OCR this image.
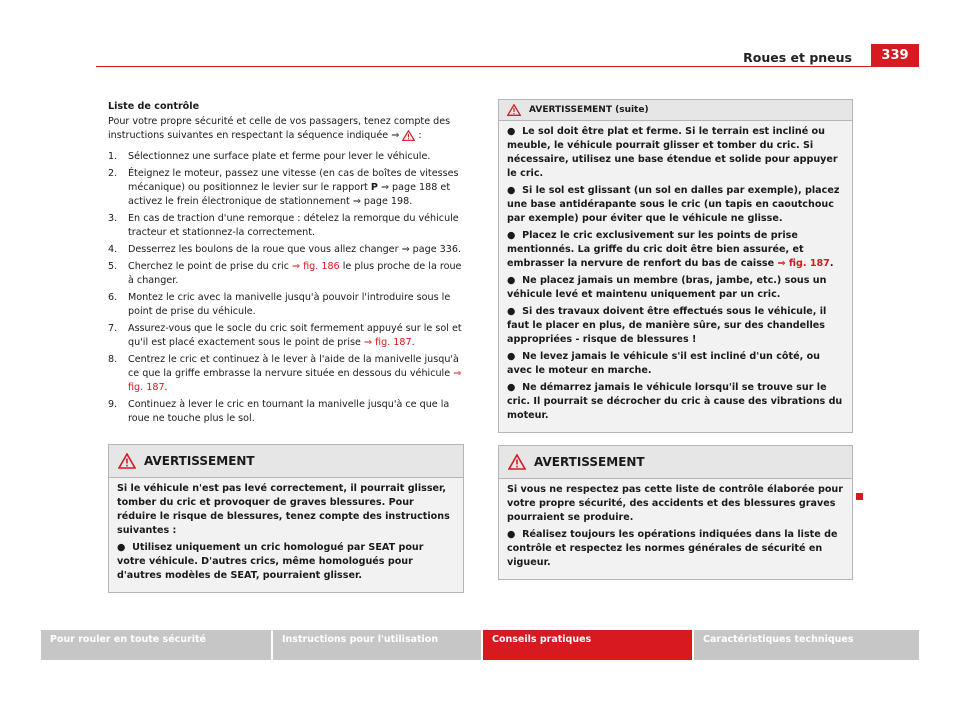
Roues et pneus	339
Liste de contrôle
Pour votre propre sécurité et celle de vos passagers, tenez compte des instructions suivantes en respectant la séquence indiquée ⇒ :
1. Sélectionnez une surface plate et ferme pour lever le véhicule.
2. Éteignez le moteur, passez une vitesse (en cas de boîtes de vitesses mécanique) ou positionnez le levier sur le rapport P ⇒ page 188 et activez le frein électronique de stationnement ⇒ page 198.
3. En cas de traction d'une remorque : dételez la remorque du véhicule tracteur et stationnez-la correctement.
4. Desserrez les boulons de la roue que vous allez changer ⇒ page 336.
5. Cherchez le point de prise du cric ⇒ fig. 186 le plus proche de la roue à changer.
6. Montez le cric avec la manivelle jusqu'à pouvoir l'introduire sous le point de prise du véhicule.
7. Assurez-vous que le socle du cric soit fermement appuyé sur le sol et qu'il est placé exactement sous le point de prise ⇒ fig. 187.
8. Centrez le cric et continuez à le lever à l'aide de la manivelle jusqu'à ce que la griffe embrasse la nervure située en dessous du véhicule ⇒ fig. 187.
9. Continuez à lever le cric en tournant la manivelle jusqu'à ce que la roue ne touche plus le sol.
AVERTISSEMENT

Si le véhicule n'est pas levé correctement, il pourrait glisser, tomber du cric et provoquer de graves blessures. Pour réduire le risque de blessures, tenez compte des instructions suivantes :

● Utilisez uniquement un cric homologué par SEAT pour votre véhicule. D'autres crics, même homologués pour d'autres modèles de SEAT, pourraient glisser.

AVERTISSEMENT (suite)

● Le sol doit être plat et ferme. Si le terrain est incliné ou meuble, le véhicule pourrait glisser et tomber du cric. Si nécessaire, utilisez une base étendue et solide pour appuyer le cric.

● Si le sol est glissant (un sol en dalles par exemple), placez une base antidérapante sous le cric (un tapis en caoutchouc par exemple) pour éviter que le véhicule ne glisse.

● Placez le cric exclusivement sur les points de prise mentionnés. La griffe du cric doit être bien assurée, et embrasser la nervure de renfort du bas de caisse ⇒ fig. 187.

● Ne placez jamais un membre (bras, jambe, etc.) sous un véhicule levé et maintenu uniquement par un cric.

● Si des travaux doivent être effectués sous le véhicule, il faut le placer en plus, de manière sûre, sur des chandelles appropriées - risque de blessures !

● Ne levez jamais le véhicule s'il est incliné d'un côté, ou avec le moteur en marche.

● Ne démarrez jamais le véhicule lorsqu'il se trouve sur le cric. Il pourrait se décrocher du cric à cause des vibrations du moteur.

AVERTISSEMENT

Si vous ne respectez pas cette liste de contrôle élaborée pour votre propre sécurité, des accidents et des blessures graves pourraient se produire.

● Réalisez toujours les opérations indiquées dans la liste de contrôle et respectez les normes générales de sécurité en vigueur.

Pour rouler en toute sécurité	Instructions pour l'utilisation	Conseils pratiques	Caractéristiques techniques
